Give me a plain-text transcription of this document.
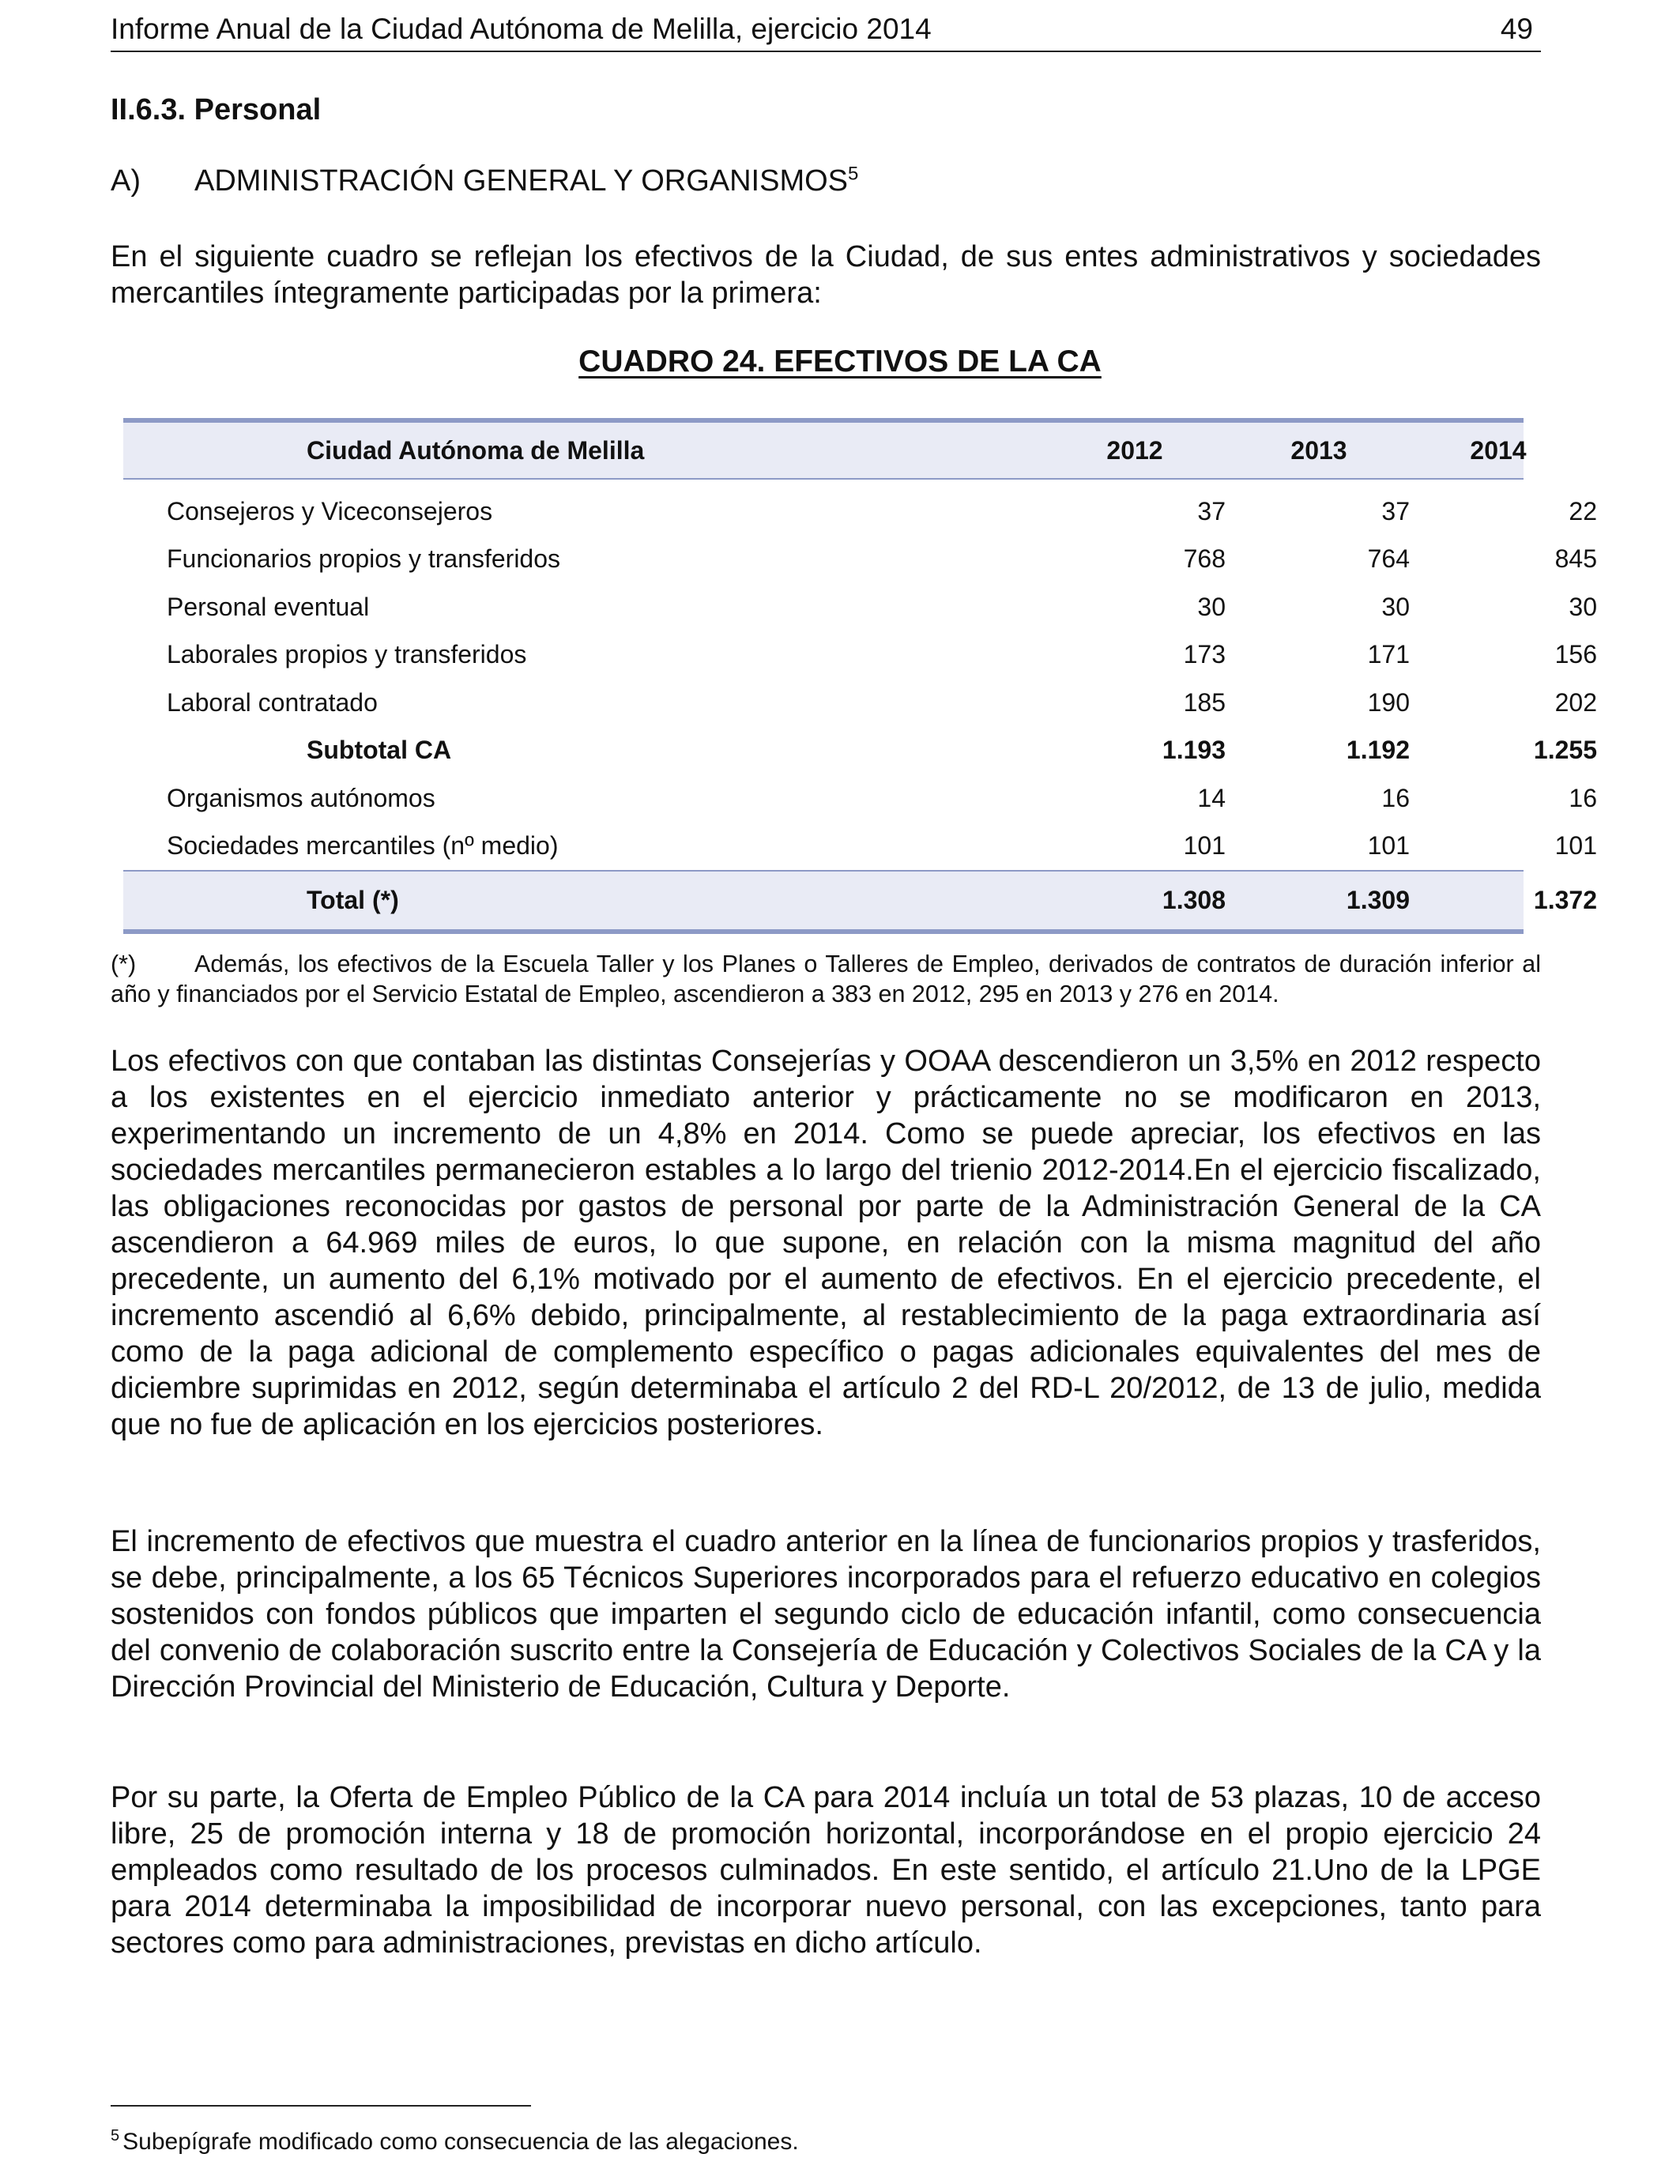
Informe Anual de la Ciudad Autónoma de Melilla, ejercicio 2014	49
II.6.3. Personal
A) ADMINISTRACIÓN GENERAL Y ORGANISMOS$^5$

En el siguiente cuadro se reflejan los efectivos de la Ciudad, de sus entes administrativos y sociedades mercantiles íntegramente participadas por la primera:

CUADRO 24. EFECTIVOS DE LA CA
Ciudad Autónoma de Melilla	2012	2013	2014
Consejeros y Viceconsejeros	37	37	22
Funcionarios propios y transferidos	768	764	845
Personal eventual	30	30	30
Laborales propios y transferidos	173	171	156
Laboral contratado	185	190	202
Subtotal CA	1.193	1.192	1.255
Organismos autónomos	14	16	16
Sociedades mercantiles (nº medio)	101	101	101
Total (*)	1.308	1.309	1.372

(*) Además, los efectivos de la Escuela Taller y los Planes o Talleres de Empleo, derivados de contratos de duración inferior al año y financiados por el Servicio Estatal de Empleo, ascendieron a 383 en 2012, 295 en 2013 y 276 en 2014.

Los efectivos con que contaban las distintas Consejerías y OOAA descendieron un 3,5% en 2012 respecto a los existentes en el ejercicio inmediato anterior y prácticamente no se modificaron en 2013, experimentando un incremento de un 4,8% en 2014. Como se puede apreciar, los efectivos en las sociedades mercantiles permanecieron estables a lo largo del trienio 2012-2014.En el ejercicio fiscalizado, las obligaciones reconocidas por gastos de personal por parte de la Administración General de la CA ascendieron a 64.969 miles de euros, lo que supone, en relación con la misma magnitud del año precedente, un aumento del 6,1% motivado por el aumento de efectivos. En el ejercicio precedente, el incremento ascendió al 6,6% debido, principalmente, al restablecimiento de la paga extraordinaria así como de la paga adicional de complemento específico o pagas adicionales equivalentes del mes de diciembre suprimidas en 2012, según determinaba el artículo 2 del RD-L 20/2012, de 13 de julio, medida que no fue de aplicación en los ejercicios posteriores.

El incremento de efectivos que muestra el cuadro anterior en la línea de funcionarios propios y trasferidos, se debe, principalmente, a los 65 Técnicos Superiores incorporados para el refuerzo educativo en colegios sostenidos con fondos públicos que imparten el segundo ciclo de educación infantil, como consecuencia del convenio de colaboración suscrito entre la Consejería de Educación y Colectivos Sociales de la CA y la Dirección Provincial del Ministerio de Educación, Cultura y Deporte.

Por su parte, la Oferta de Empleo Público de la CA para 2014 incluía un total de 53 plazas, 10 de acceso libre, 25 de promoción interna y 18 de promoción horizontal, incorporándose en el propio ejercicio 24 empleados como resultado de los procesos culminados. En este sentido, el artículo 21.Uno de la LPGE para 2014 determinaba la imposibilidad de incorporar nuevo personal, con las excepciones, tanto para sectores como para administraciones, previstas en dicho artículo.

$^5$ Subepígrafe modificado como consecuencia de las alegaciones.
